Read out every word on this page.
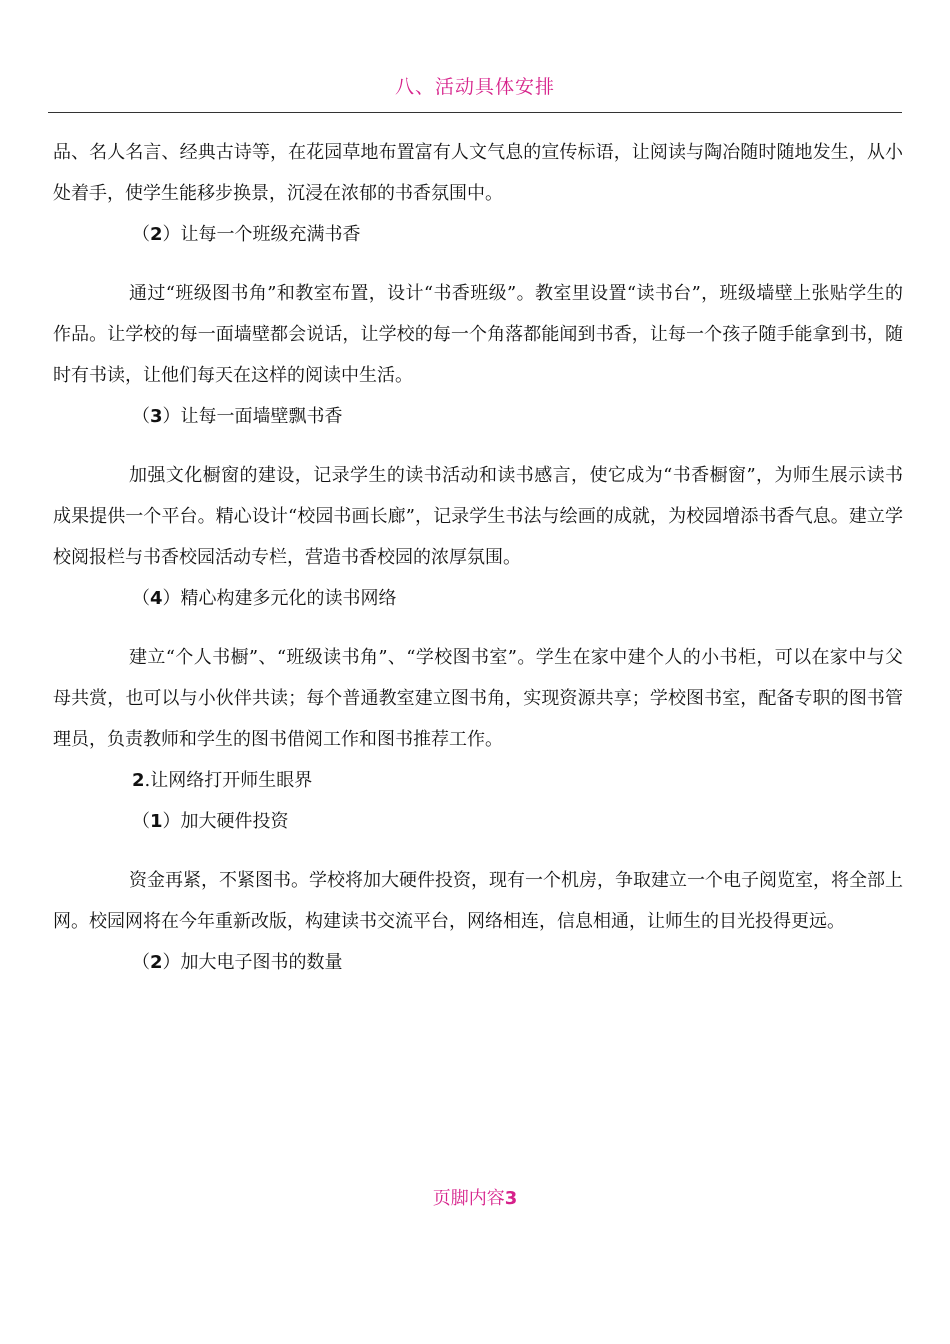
八、活动具体安排

品、名人名言、经典古诗等，在花园草地布置富有人文气息的宣传标语，让阅读与陶冶随时随地发生，从小处着手，使学生能移步换景，沉浸在浓郁的书香氛围中。

（2）让每一个班级充满书香

通过“班级图书角”和教室布置，设计“书香班级”。教室里设置“读书台”，班级墙壁上张贴学生的作品。让学校的每一面墙壁都会说话，让学校的每一个角落都能闻到书香，让每一个孩子随手能拿到书，随时有书读，让他们每天在这样的阅读中生活。

（3）让每一面墙壁飘书香

加强文化橱窗的建设，记录学生的读书活动和读书感言，使它成为“书香橱窗”，为师生展示读书成果提供一个平台。精心设计“校园书画长廊”，记录学生书法与绘画的成就，为校园增添书香气息。建立学校阅报栏与书香校园活动专栏，营造书香校园的浓厚氛围。

（4）精心构建多元化的读书网络

建立“个人书橱”、“班级读书角”、“学校图书室”。学生在家中建个人的小书柜，可以在家中与父母共赏，也可以与小伙伴共读；每个普通教室建立图书角，实现资源共享；学校图书室，配备专职的图书管理员，负责教师和学生的图书借阅工作和图书推荐工作。

2.让网络打开师生眼界

（1）加大硬件投资

资金再紧，不紧图书。学校将加大硬件投资，现有一个机房，争取建立一个电子阅览室，将全部上网。校园网将在今年重新改版，构建读书交流平台，网络相连，信息相通，让师生的目光投得更远。

（2）加大电子图书的数量

页脚内容3
